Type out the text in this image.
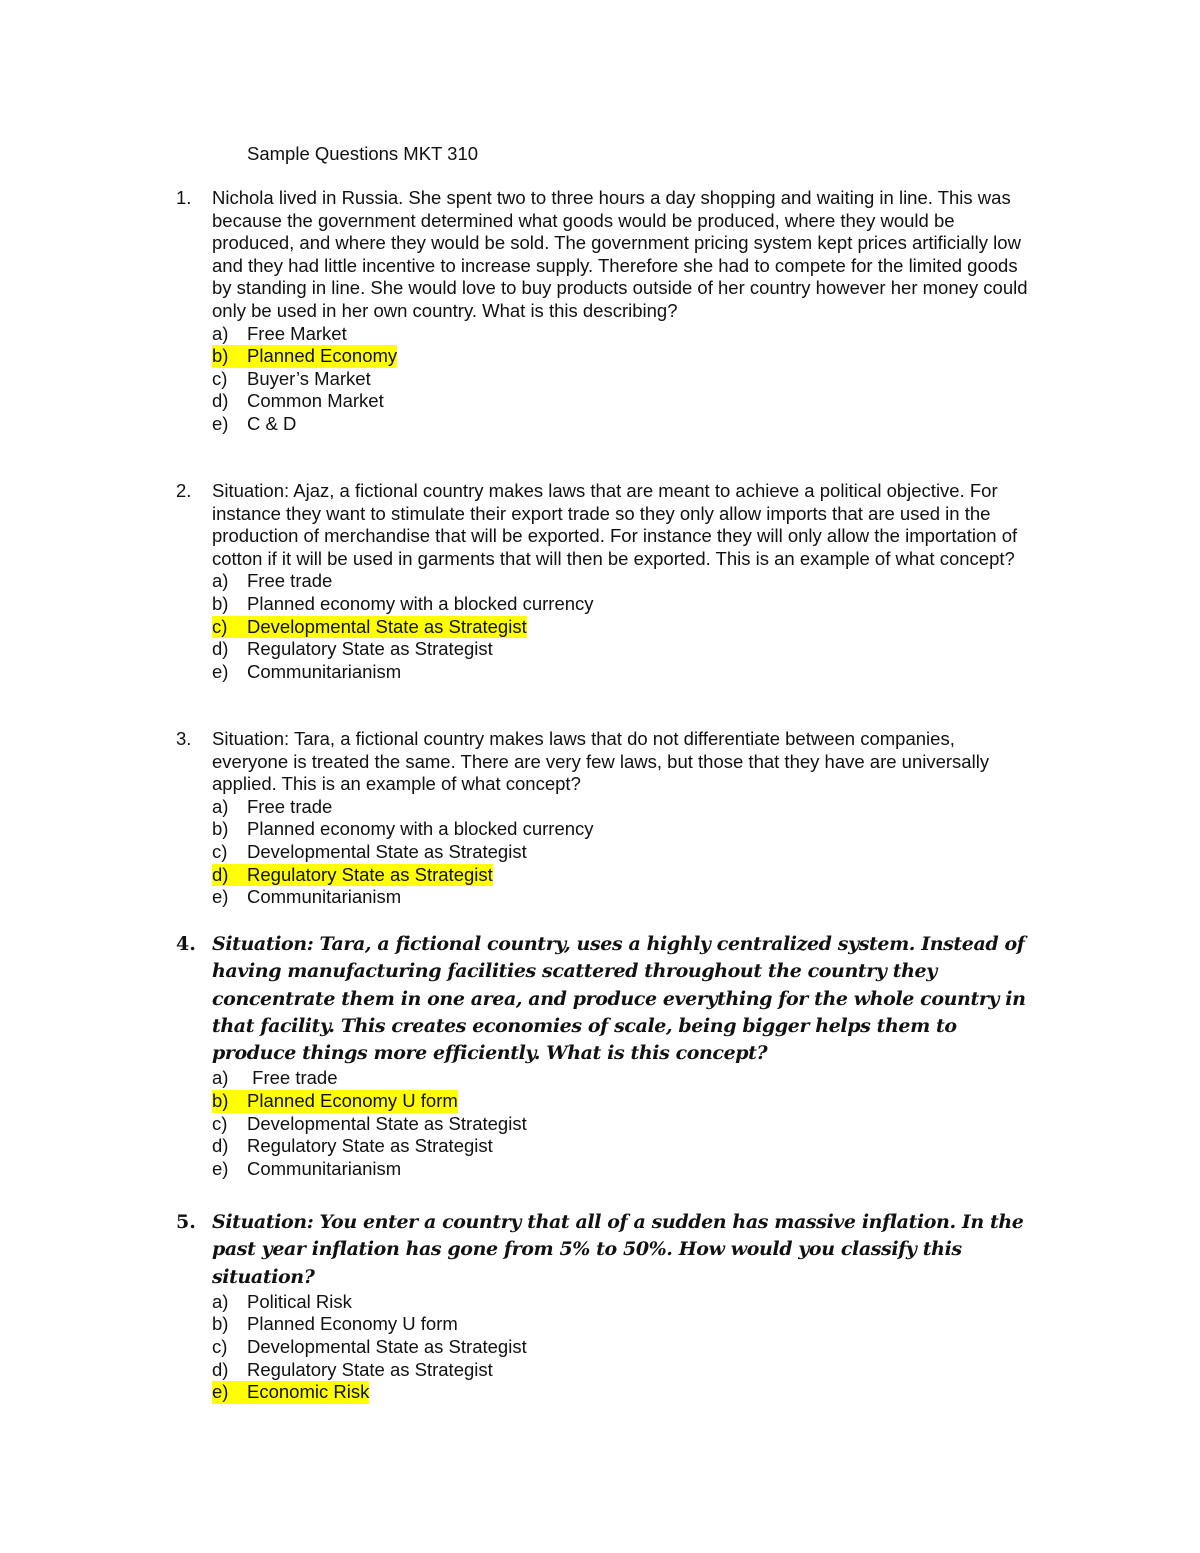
Sample Questions MKT 310
1.	Nichola lived in Russia. She spent two to three hours a day shopping and waiting in line. This was because the government determined what goods would be produced, where they would be produced, and where they would be sold. The government pricing system kept prices artificially low and they had little incentive to increase supply. Therefore she had to compete for the limited goods by standing in line. She would love to buy products outside of her country however her money could only be used in her own country. What is this describing?
a) Free Market
b) Planned Economy
c) Buyer’s Market
d) Common Market
e) C & D
2.	Situation: Ajaz, a fictional country makes laws that are meant to achieve a political objective. For instance they want to stimulate their export trade so they only allow imports that are used in the production of merchandise that will be exported. For instance they will only allow the importation of cotton if it will be used in garments that will then be exported. This is an example of what concept?
a) Free trade
b) Planned economy with a blocked currency
c) Developmental State as Strategist
d) Regulatory State as Strategist
e) Communitarianism
3.	Situation: Tara, a fictional country makes laws that do not differentiate between companies, everyone is treated the same. There are very few laws, but those that they have are universally applied. This is an example of what concept?
a) Free trade
b) Planned economy with a blocked currency
c) Developmental State as Strategist
d) Regulatory State as Strategist
e) Communitarianism
4. Situation: Tara, a fictional country, uses a highly centralized system. Instead of having manufacturing facilities scattered throughout the country they concentrate them in one area, and produce everything for the whole country in that facility. This creates economies of scale, being bigger helps them to produce things more efficiently. What is this concept?
a) Free trade
b) Planned Economy U form
c) Developmental State as Strategist
d) Regulatory State as Strategist
e) Communitarianism
5. Situation: You enter a country that all of a sudden has massive inflation. In the past year inflation has gone from 5% to 50%. How would you classify this situation?
a) Political Risk
b) Planned Economy U form
c) Developmental State as Strategist
d) Regulatory State as Strategist
e) Economic Risk
